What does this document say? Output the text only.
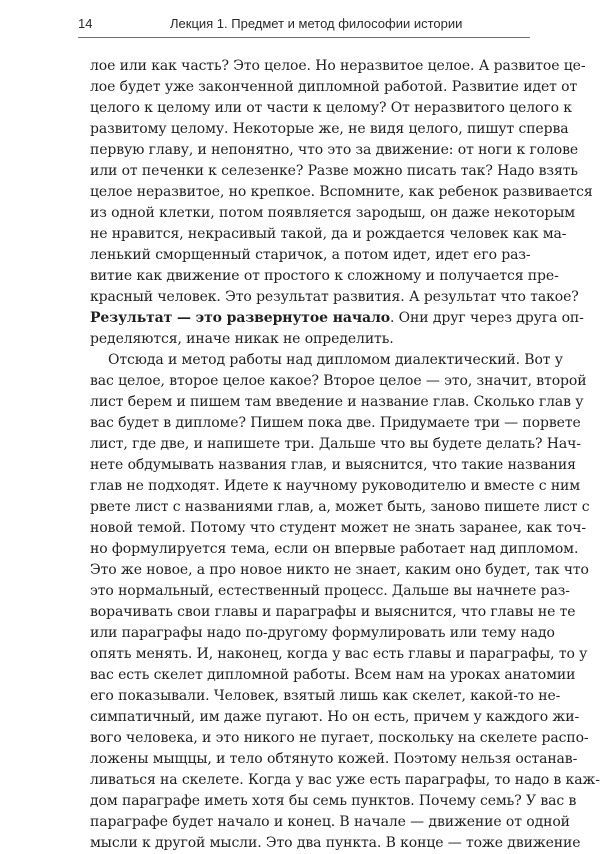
14	Лекция 1. Предмет и метод философии истории
лое или как часть? Это целое. Но неразвитое целое. А развитое це-
лое будет уже законченной дипломной работой. Развитие идет от
целого к целому или от части к целому? От неразвитого целого к
развитому целому. Некоторые же, не видя целого, пишут сперва
первую главу, и непонятно, что это за движение: от ноги к голове
или от печенки к селезенке? Разве можно писать так? Надо взять
целое неразвитое, но крепкое. Вспомните, как ребенок развивается
из одной клетки, потом появляется зародыш, он даже некоторым
не нравится, некрасивый такой, да и рождается человек как ма-
ленький сморщенный старичок, а потом идет, идет его раз-
витие как движение от простого к сложному и получается пре-
красный человек. Это результат развития. А результат что такое?
Результат — это развернутое начало. Они друг через друга оп-
ределяются, иначе никак не определить.
Отсюда и метод работы над дипломом диалектический. Вот у
вас целое, второе целое какое? Второе целое — это, значит, второй
лист берем и пишем там введение и название глав. Сколько глав у
вас будет в дипломе? Пишем пока две. Придумаете три — порвете
лист, где две, и напишете три. Дальше что вы будете делать? Нач-
нете обдумывать названия глав, и выяснится, что такие названия
глав не подходят. Идете к научному руководителю и вместе с ним
рвете лист с названиями глав, а, может быть, заново пишете лист с
новой темой. Потому что студент может не знать заранее, как точ-
но формулируется тема, если он впервые работает над дипломом.
Это же новое, а про новое никто не знает, каким оно будет, так что
это нормальный, естественный процесс. Дальше вы начнете раз-
ворачивать свои главы и параграфы и выяснится, что главы не те
или параграфы надо по-другому формулировать или тему надо
опять менять. И, наконец, когда у вас есть главы и параграфы, то у
вас есть скелет дипломной работы. Всем нам на уроках анатомии
его показывали. Человек, взятый лишь как скелет, какой-то не-
симпатичный, им даже пугают. Но он есть, причем у каждого жи-
вого человека, и это никого не пугает, поскольку на скелете распо-
ложены мыщцы, и тело обтянуто кожей. Поэтому нельзя останав-
ливаться на скелете. Когда у вас уже есть параграфы, то надо в каж-
дом параграфе иметь хотя бы семь пунктов. Почему семь? У вас в
параграфе будет начало и конец. В начале — движение от одной
мысли к другой мысли. Это два пункта. В конце — тоже движение
